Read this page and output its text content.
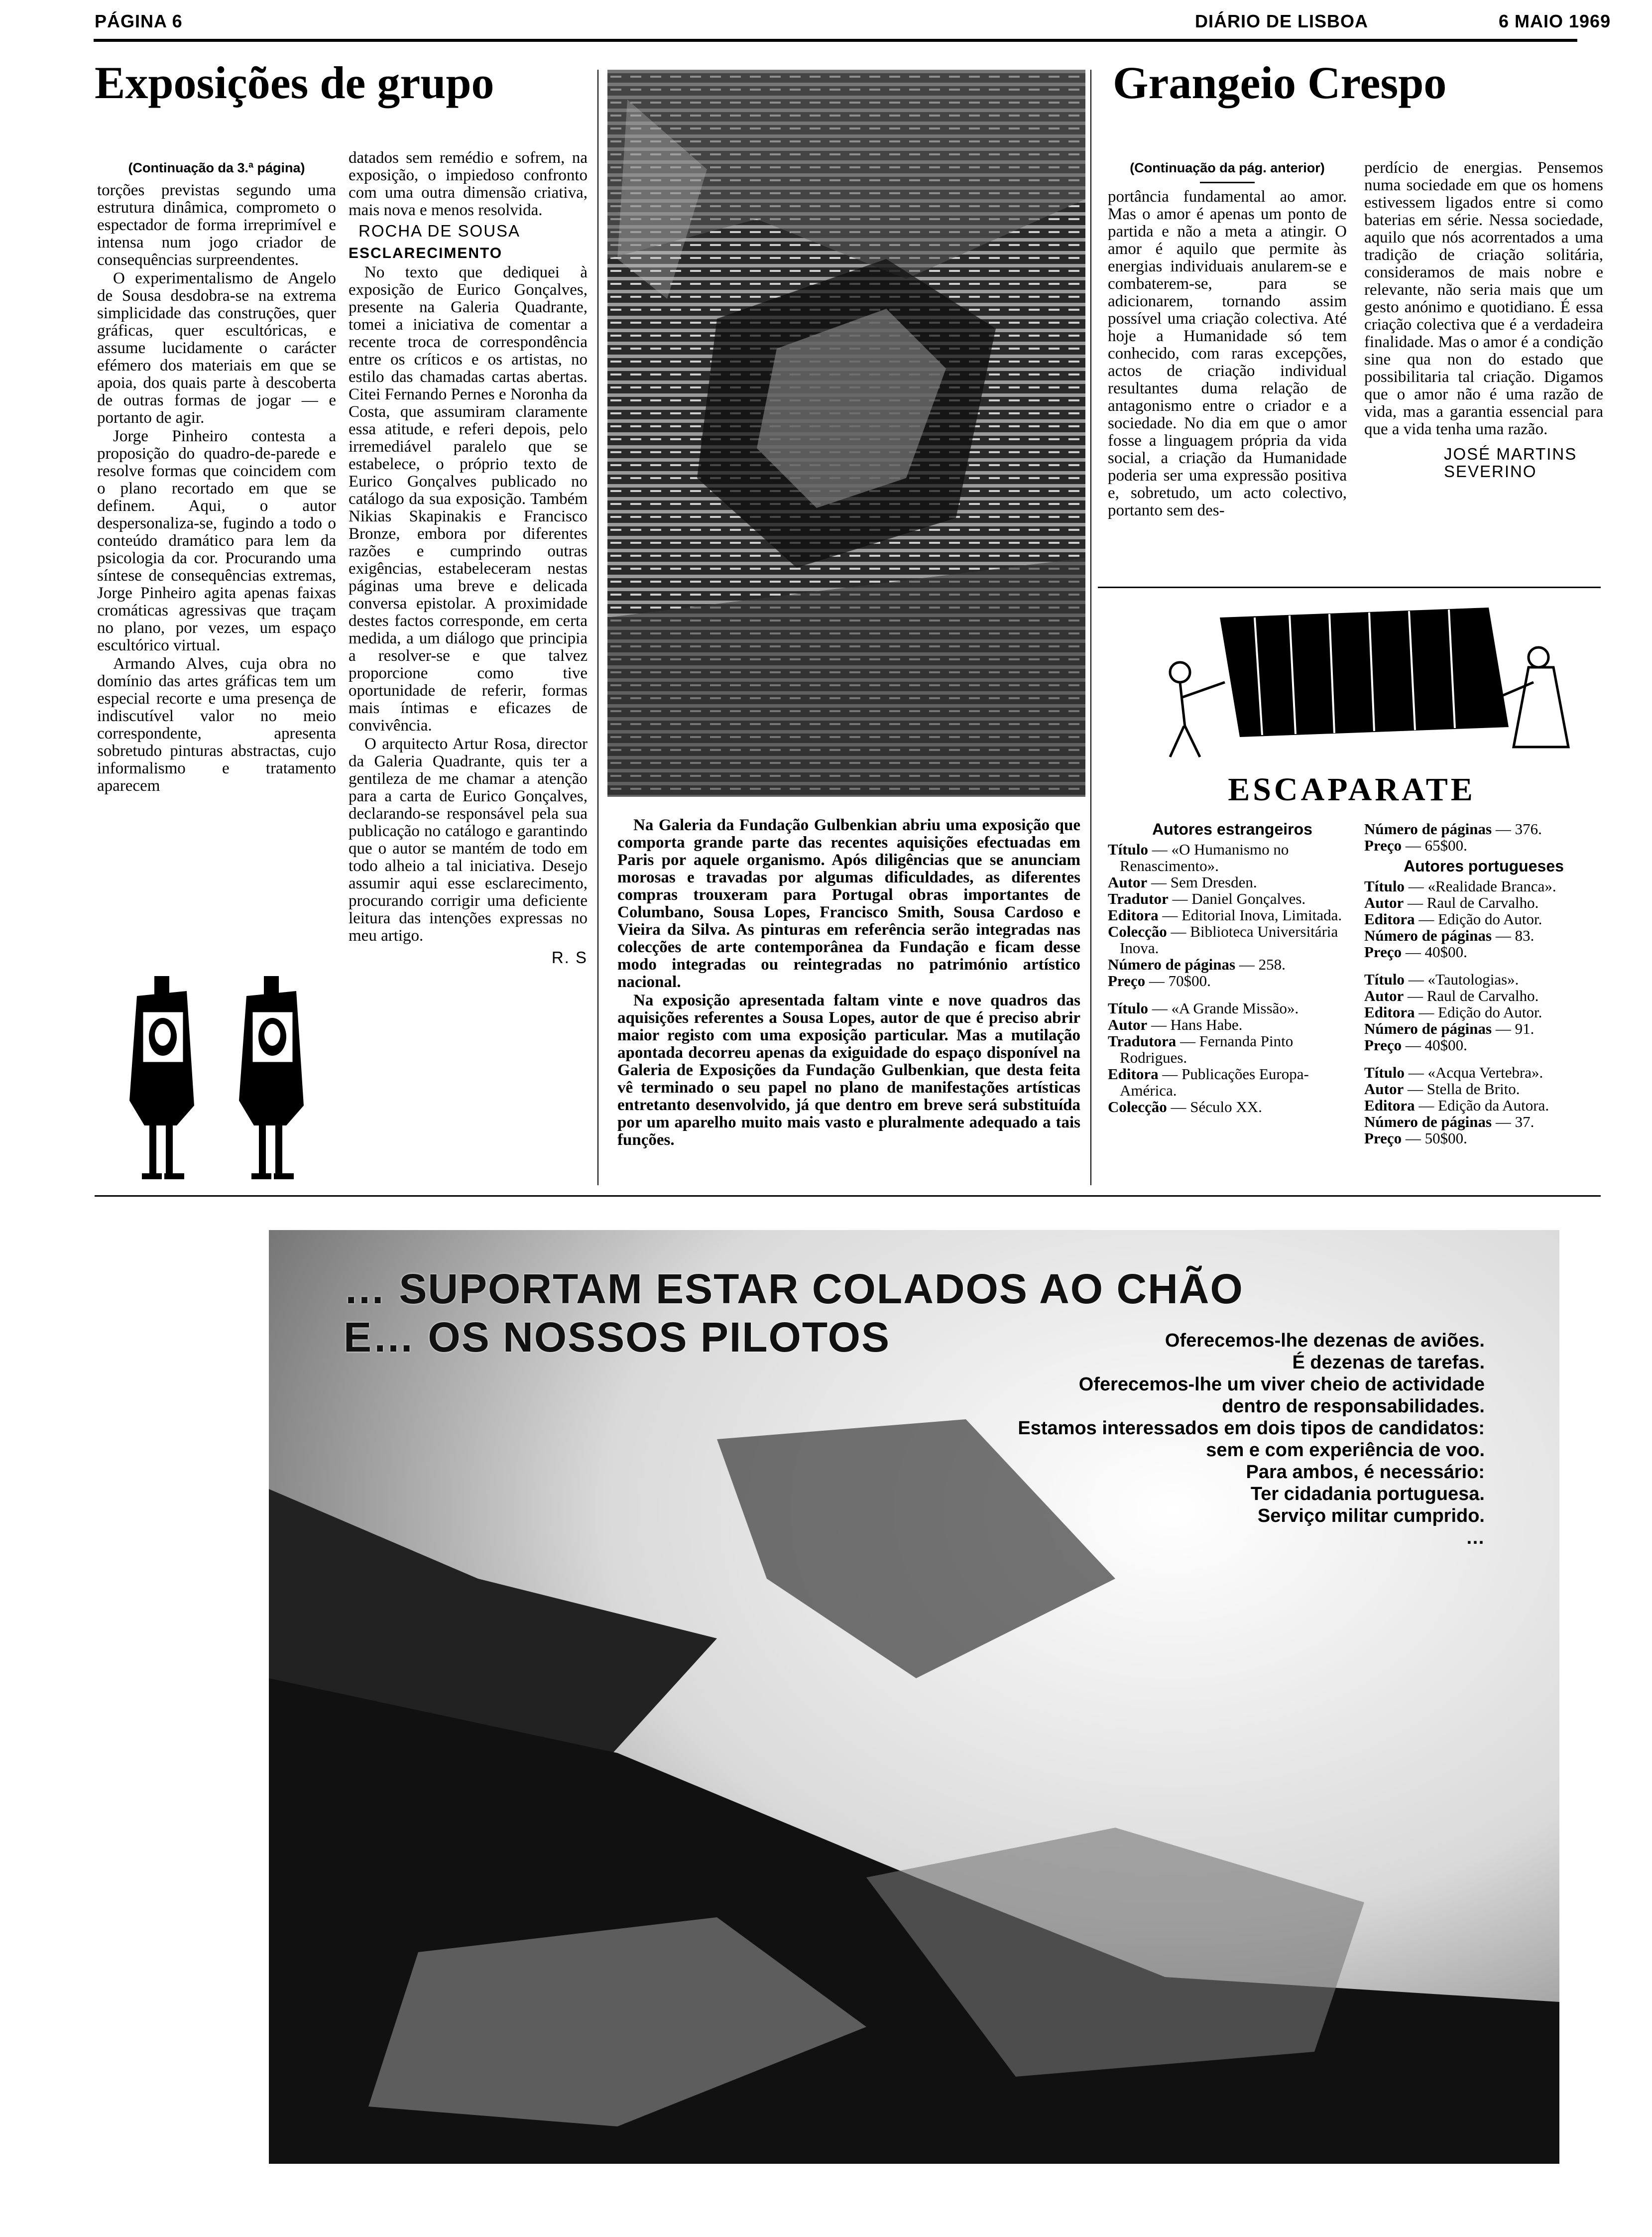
PÁGINA 6	DIÁRIO DE LISBOA	6 MAIO 1969
Exposições de grupo

(Continuação da 3.ª página)

torções previstas segundo uma estrutura dinâmica, comprometo o espectador de forma irreprimível e intensa num jogo criador de consequências surpreendentes.

O experimentalismo de Angelo de Sousa desdobra-se na extrema simplicidade das construções, quer gráficas, quer escultóricas, e assume lucidamente o carácter efémero dos materiais em que se apoia, dos quais parte à descoberta de outras formas de jogar — e portanto de agir.

Jorge Pinheiro contesta a proposição do quadro-de-parede e resolve formas que coincidem com o plano recortado em que se definem. Aqui, o autor despersonaliza-se, fugindo a todo o conteúdo dramático para lem da psicologia da cor. Procurando uma síntese de consequências extremas, Jorge Pinheiro agita apenas faixas cromáticas agressivas que traçam no plano, por vezes, um espaço escultórico virtual.

Armando Alves, cuja obra no domínio das artes gráficas tem um especial recorte e uma presença de indiscutível valor no meio correspondente, apresenta sobretudo pinturas abstractas, cujo informalismo e tratamento aparecem

datados sem remédio e sofrem, na exposição, o impiedoso confronto com uma outra dimensão criativa, mais nova e menos resolvida.

ROCHA DE SOUSA

ESCLARECIMENTO

No texto que dediquei à exposição de Eurico Gonçalves, presente na Galeria Quadrante, tomei a iniciativa de comentar a recente troca de correspondência entre os críticos e os artistas, no estilo das chamadas cartas abertas. Citei Fernando Pernes e Noronha da Costa, que assumiram claramente essa atitude, e referi depois, pelo irremediável paralelo que se estabelece, o próprio texto de Eurico Gonçalves publicado no catálogo da sua exposição. Também Nikias Skapinakis e Francisco Bronze, embora por diferentes razões e cumprindo outras exigências, estabeleceram nestas páginas uma breve e delicada conversa epistolar. A proximidade destes factos corresponde, em certa medida, a um diálogo que principia a resolver-se e que talvez proporcione como tive oportunidade de referir, formas mais íntimas e eficazes de convivência.

O arquitecto Artur Rosa, director da Galeria Quadrante, quis ter a gentileza de me chamar a atenção para a carta de Eurico Gonçalves, declarando-se responsável pela sua publicação no catálogo e garantindo que o autor se mantém de todo em todo alheio a tal iniciativa. Desejo assumir aqui esse esclarecimento, procurando corrigir uma deficiente leitura das intenções expressas no meu artigo.

R. S

Na Galeria da Fundação Gulbenkian abriu uma exposição que comporta grande parte das recentes aquisições efectuadas em Paris por aquele organismo. Após diligências que se anunciam morosas e travadas por algumas dificuldades, as diferentes compras trouxeram para Portugal obras importantes de Columbano, Sousa Lopes, Francisco Smith, Sousa Cardoso e Vieira da Silva. As pinturas em referência serão integradas nas colecções de arte contemporânea da Fundação e ficam desse modo integradas ou reintegradas no património artístico nacional.

Na exposição apresentada faltam vinte e nove quadros das aquisições referentes a Sousa Lopes, autor de que é preciso abrir maior registo com uma exposição particular. Mas a mutilação apontada decorreu apenas da exiguidade do espaço disponível na Galeria de Exposições da Fundação Gulbenkian, que desta feita vê terminado o seu papel no plano de manifestações artísticas entretanto desenvolvido, já que dentro em breve será substituída por um aparelho muito mais vasto e pluralmente adequado a tais funções.

Grangeio Crespo

(Continuação da pág. anterior)

portância fundamental ao amor. Mas o amor é apenas um ponto de partida e não a meta a atingir. O amor é aquilo que permite às energias individuais anularem-se e combaterem-se, para se adicionarem, tornando assim possível uma criação colectiva. Até hoje a Humanidade só tem conhecido, com raras excepções, actos de criação individual resultantes duma relação de antagonismo entre o criador e a sociedade. No dia em que o amor fosse a linguagem própria da vida social, a criação da Humanidade poderia ser uma expressão positiva e, sobretudo, um acto colectivo, portanto sem des-

perdício de energias. Pensemos numa sociedade em que os homens estivessem ligados entre si como baterias em série. Nessa sociedade, aquilo que nós acorrentados a uma tradição de criação solitária, consideramos de mais nobre e relevante, não seria mais que um gesto anónimo e quotidiano. É essa criação colectiva que é a verdadeira finalidade. Mas o amor é a condição sine qua non do estado que possibilitaria tal criação. Digamos que o amor não é uma razão de vida, mas a garantia essencial para que a vida tenha uma razão.

JOSÉ MARTINS

SEVERINO

ESCAPARATE
Autores estrangeiros
Título — «O Humanismo no Renascimento».
Autor — Sem Dresden.
Tradutor — Daniel Gonçalves.
Editora — Editorial Inova, Limitada.
Colecção — Biblioteca Universitária Inova.
Número de páginas — 258.
Preço — 70$00.
Título — «A Grande Missão».
Autor — Hans Habe.
Tradutora — Fernanda Pinto Rodrigues.
Editora — Publicações Europa-América.
Colecção — Século XX.
Número de páginas — 376.
Preço — 65$00.
Autores portugueses
Título — «Realidade Branca».
Autor — Raul de Carvalho.
Editora — Edição do Autor.
Número de páginas — 83.
Preço — 40$00.
Título — «Tautologias».
Autor — Raul de Carvalho.
Editora — Edição do Autor.
Número de páginas — 91.
Preço — 40$00.
Título — «Acqua Vertebra».
Autor — Stella de Brito.
Editora — Edição da Autora.
Número de páginas — 37.
Preço — 50$00.
… SUPORTAM ESTAR COLADOS AO CHÃO
E… OS NOSSOS PILOTOS	Oferecemos-lhe dezenas de aviões.
É dezenas de tarefas.
Oferecemos-lhe um viver cheio de actividade
dentro de responsabilidades.
Estamos interessados em dois tipos de candidatos:
sem e com experiência de voo.
Para ambos, é necessário:
Ter cidadania portuguesa.
Serviço militar cumprido.
…
